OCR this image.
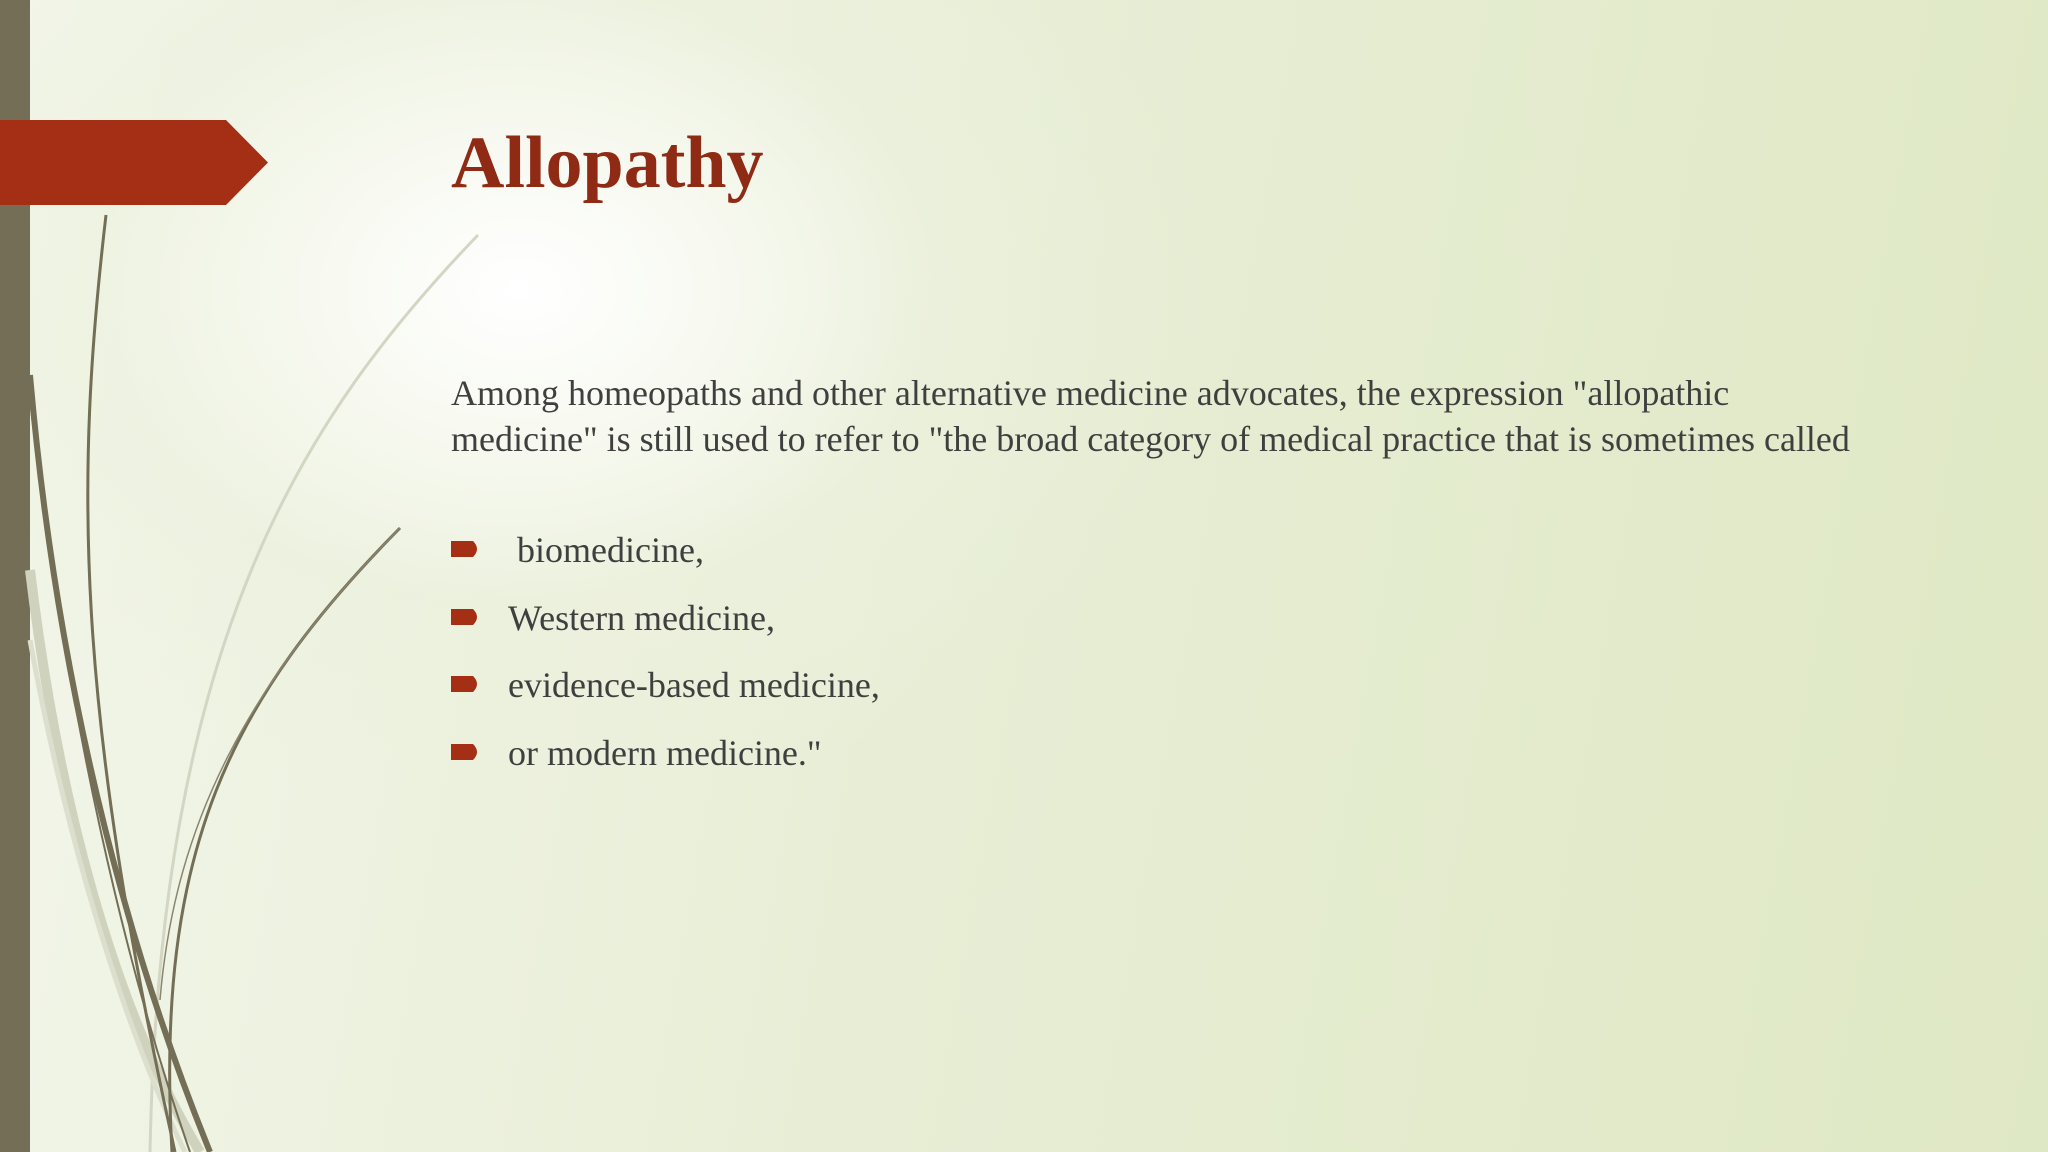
Allopathy

Among homeopaths and other alternative medicine advocates, the expression "allopathic medicine" is still used to refer to "the broad category of medical practice that is sometimes called

biomedicine,
Western medicine,
evidence-based medicine,
or modern medicine."
